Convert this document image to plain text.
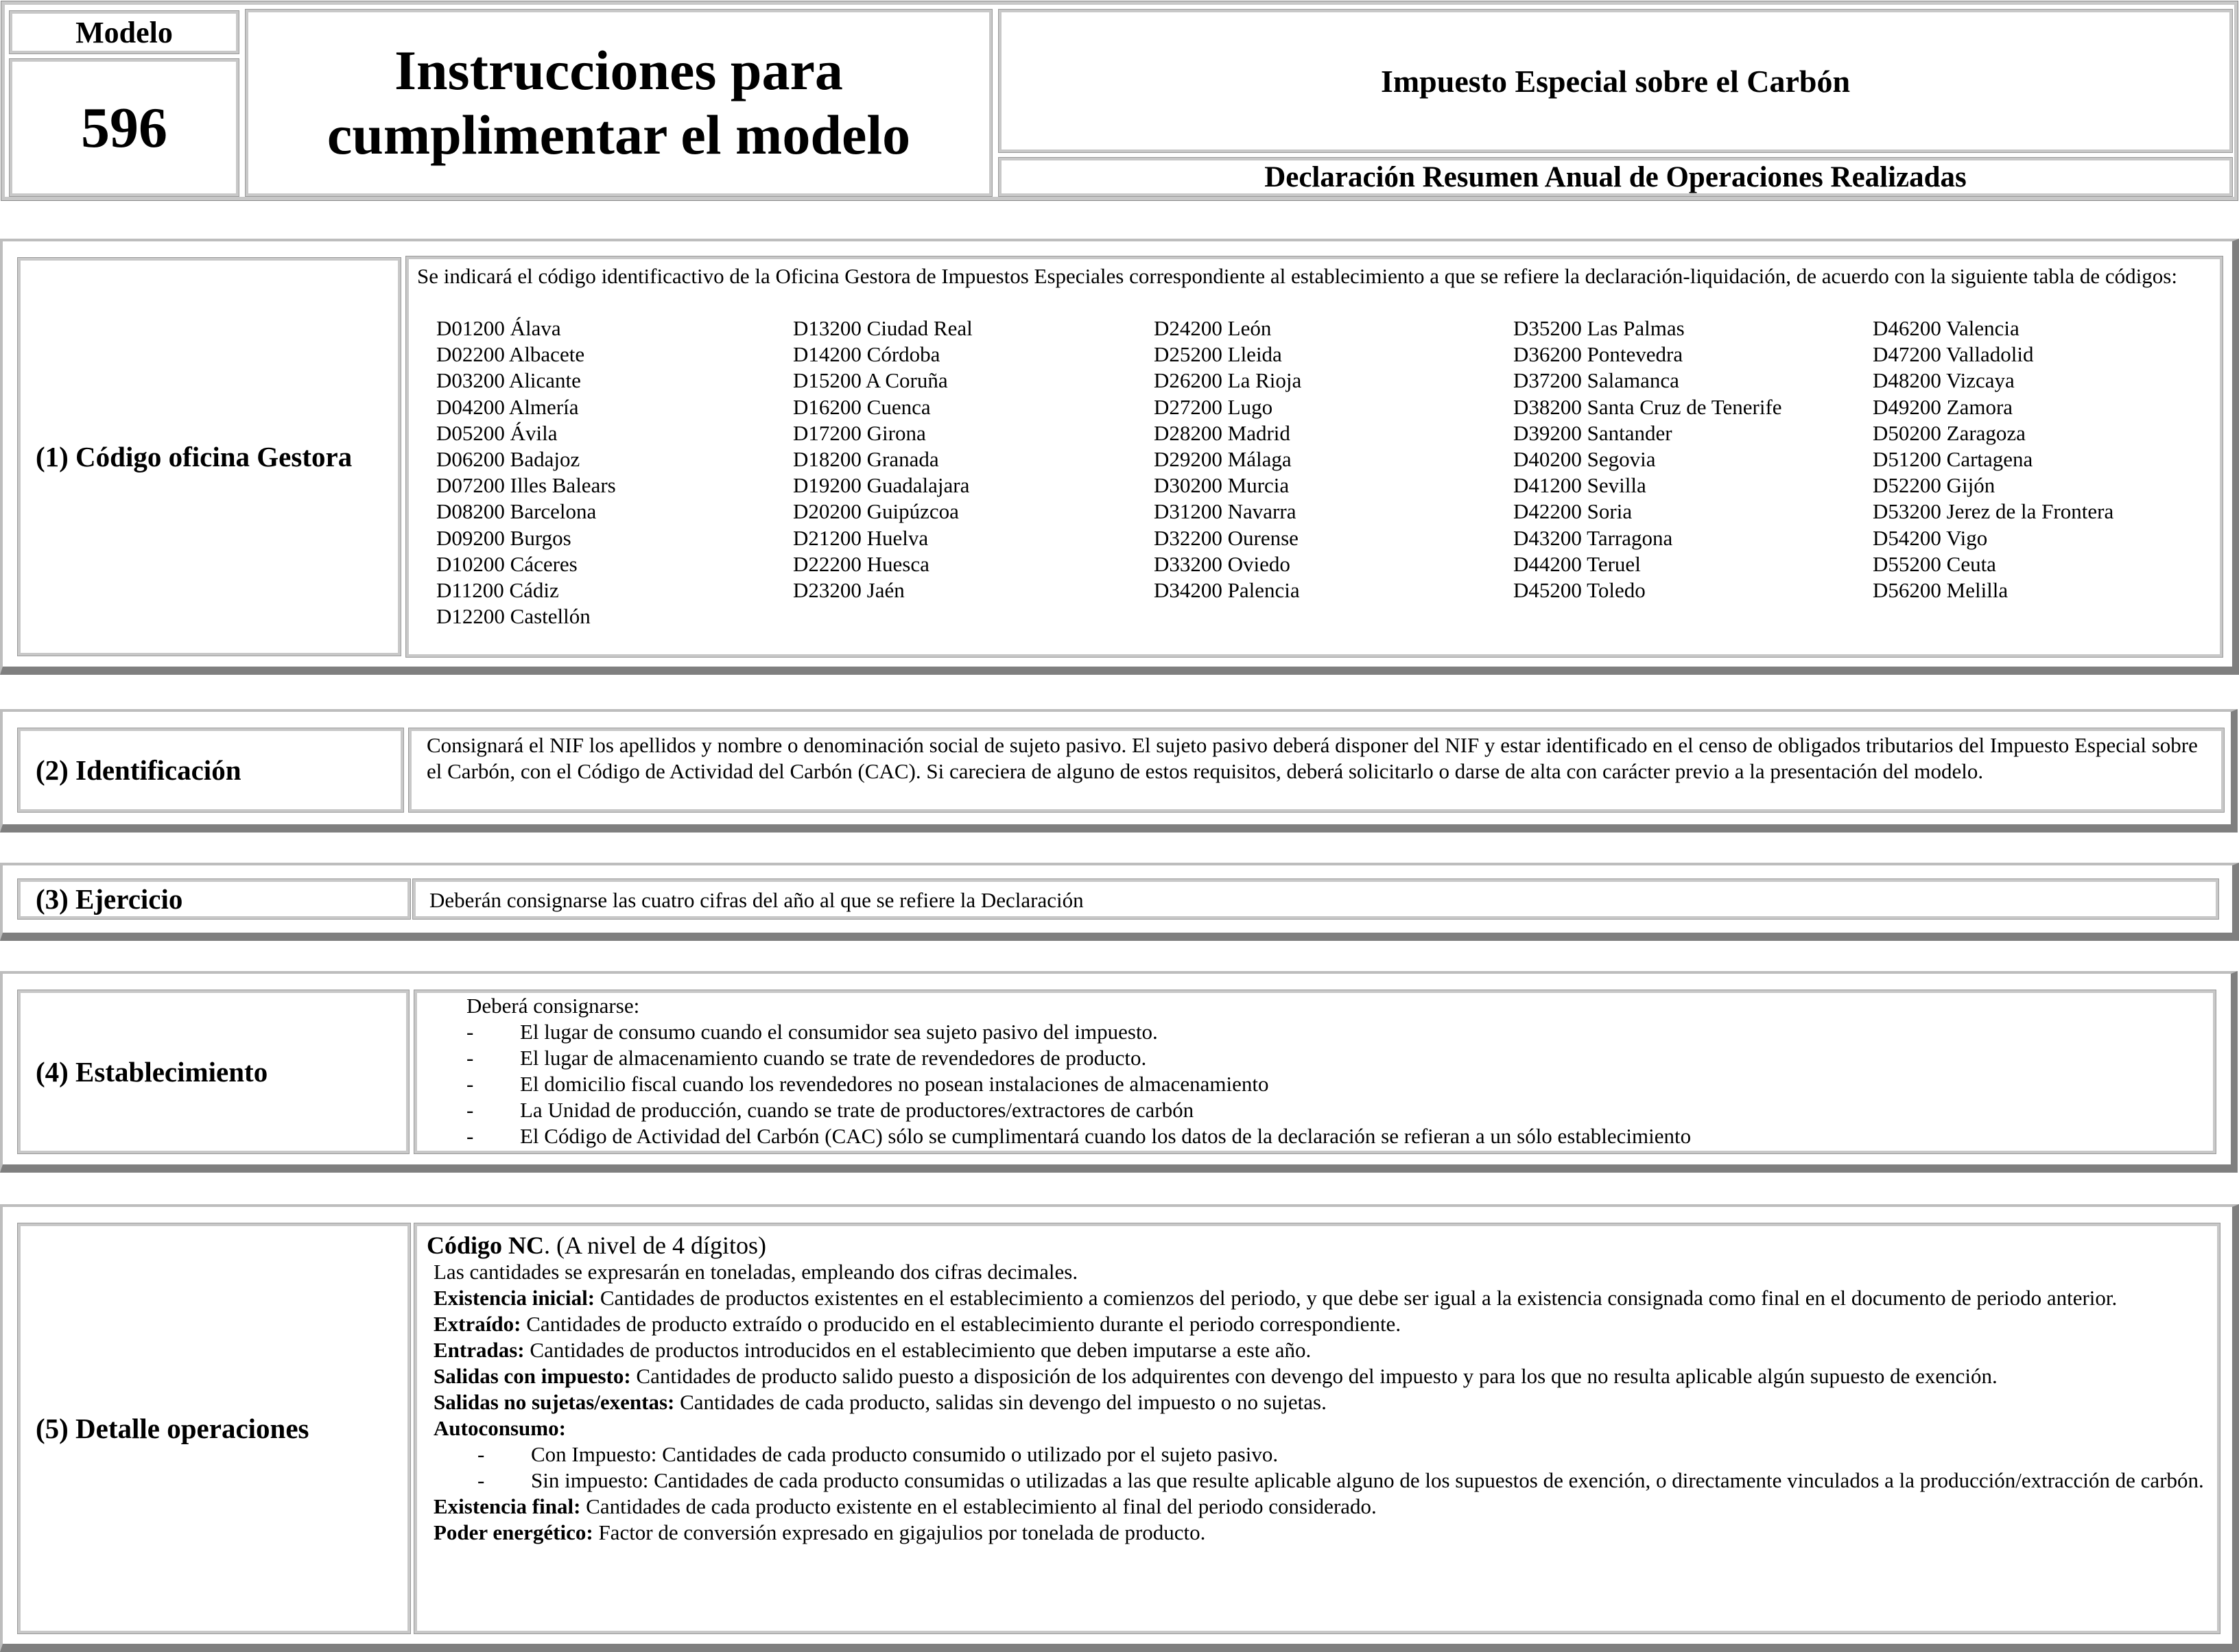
Modelo
596
Instrucciones para
cumplimentar el modelo
Impuesto Especial sobre el Carbón
Declaración Resumen Anual de Operaciones Realizadas
(1) Código oficina Gestora
Se indicará el código identificactivo de la Oficina Gestora de Impuestos Especiales correspondiente al establecimiento a que se refiere la declaración-liquidación, de acuerdo con la siguiente tabla de códigos:
D01200 Álava
D02200 Albacete
D03200 Alicante
D04200 Almería
D05200 Ávila
D06200 Badajoz
D07200 Illes Balears
D08200 Barcelona
D09200 Burgos
D10200 Cáceres
D11200 Cádiz
D12200 Castellón
D13200 Ciudad Real
D14200 Córdoba
D15200 A Coruña
D16200 Cuenca
D17200 Girona
D18200 Granada
D19200 Guadalajara
D20200 Guipúzcoa
D21200 Huelva
D22200 Huesca
D23200 Jaén
D24200 León
D25200 Lleida
D26200 La Rioja
D27200 Lugo
D28200 Madrid
D29200 Málaga
D30200 Murcia
D31200 Navarra
D32200 Ourense
D33200 Oviedo
D34200 Palencia
D35200 Las Palmas
D36200 Pontevedra
D37200 Salamanca
D38200 Santa Cruz de Tenerife
D39200 Santander
D40200 Segovia
D41200 Sevilla
D42200 Soria
D43200 Tarragona
D44200 Teruel
D45200 Toledo
D46200 Valencia
D47200 Valladolid
D48200 Vizcaya
D49200 Zamora
D50200 Zaragoza
D51200 Cartagena
D52200 Gijón
D53200 Jerez de la Frontera
D54200 Vigo
D55200 Ceuta
D56200 Melilla
(2) Identificación
Consignará el NIF los apellidos y nombre o denominación social de sujeto pasivo. El sujeto pasivo deberá disponer del NIF y estar identificado en el censo de obligados tributarios del Impuesto Especial sobre el Carbón, con el Código de Actividad del Carbón (CAC). Si careciera de alguno de estos requisitos, deberá solicitarlo o darse de alta con carácter previo a la presentación del modelo.
(3) Ejercicio	Deberán consignarse las cuatro cifras del año al que se refiere la Declaración
(4) Establecimiento
Deberá consignarse:
- El lugar de consumo cuando el consumidor sea sujeto pasivo del impuesto.
- El lugar de almacenamiento cuando se trate de revendedores de producto.
- El domicilio fiscal cuando los revendedores no posean instalaciones de almacenamiento
- La Unidad de producción, cuando se trate de productores/extractores de carbón
- El Código de Actividad del Carbón (CAC) sólo se cumplimentará cuando los datos de la declaración se refieran a un sólo establecimiento
(5) Detalle operaciones
Código NC. (A nivel de 4 dígitos)
Las cantidades se expresarán en toneladas, empleando dos cifras decimales.
Existencia inicial: Cantidades de productos existentes en el establecimiento a comienzos del periodo, y que debe ser igual a la existencia consignada como final en el documento de periodo anterior.
Extraído: Cantidades de producto extraído o producido en el establecimiento durante el periodo correspondiente.
Entradas: Cantidades de productos introducidos en el establecimiento que deben imputarse a este año.
Salidas con impuesto: Cantidades de producto salido puesto a disposición de los adquirentes con devengo del impuesto y para los que no resulta aplicable algún supuesto de exención.
Salidas no sujetas/exentas: Cantidades de cada producto, salidas sin devengo del impuesto o no sujetas.
Autoconsumo:
- Con Impuesto: Cantidades de cada producto consumido o utilizado por el sujeto pasivo.
- Sin impuesto: Cantidades de cada producto consumidas o utilizadas a las que resulte aplicable alguno de los supuestos de exención, o directamente vinculados a la producción/extracción de carbón.
Existencia final: Cantidades de cada producto existente en el establecimiento al final del periodo considerado.
Poder energético: Factor de conversión expresado en gigajulios por tonelada de producto.
